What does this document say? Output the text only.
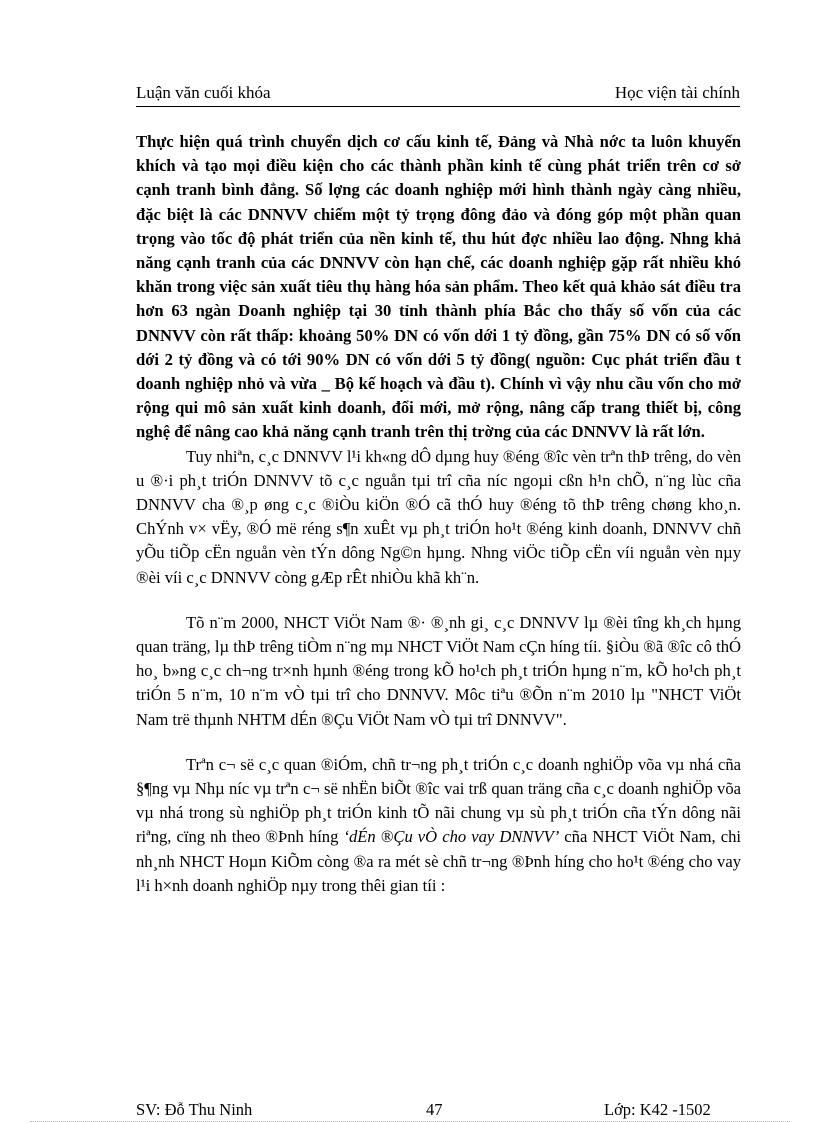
Luận văn cuối khóa	Học viện tài chính

Thực hiện quá trình chuyển dịch cơ cấu kinh tế, Đảng và Nhà nớc ta luôn khuyến khích và tạo mọi điều kiện cho các thành phần kinh tế cùng phát triển trên cơ sở cạnh tranh bình đẳng. Số lợng các doanh nghiệp mới hình thành ngày càng nhiều, đặc biệt là các DNNVV chiếm một tỷ trọng đông đảo và đóng góp một phần quan trọng vào tốc độ phát triển của nền kinh tế, thu hút đợc nhiều lao động. Nhng khả năng cạnh tranh của các DNNVV còn hạn chế, các doanh nghiệp gặp rất nhiều khó khăn trong việc sản xuất tiêu thụ hàng hóa sản phẩm. Theo kết quả khảo sát điều tra hơn 63 ngàn Doanh nghiệp tại 30 tỉnh thành phía Bắc cho thấy số vốn của các DNNVV còn rất thấp: khoảng 50% DN có vốn dới 1 tỷ đồng, gần 75% DN có số vốn dới 2 tỷ đồng và có tới 90% DN có vốn dới 5 tỷ đồng( nguồn: Cục phát triển đầu t doanh nghiệp nhỏ và vừa _ Bộ kế hoạch và đầu t). Chính vì vậy nhu cầu vốn cho mở rộng qui mô sản xuất kinh doanh, đổi mới, mở rộng, nâng cấp trang thiết bị, công nghệ để nâng cao khả năng cạnh tranh trên thị trờng của các DNNVV là rất lớn.

Tuy nhiªn, c¸c DNNVV l¹i kh«ng dÔ dµng huy ®éng ®îc vèn trªn thÞ trêng, do vèn u ®·i ph¸t triÓn DNNVV tõ c¸c nguån tµi trî cña níc ngoµi cßn h¹n chÕ, n¨ng lùc cña DNNVV cha ®¸p øng c¸c ®iÒu kiÖn ®Ó cã thÓ huy ®éng tõ thÞ trêng chøng kho¸n. ChÝnh v× vËy, ®Ó më réng s¶n xuÊt vµ ph¸t triÓn ho¹t ®éng kinh doanh, DNNVV chñ yÕu tiÕp cËn nguån vèn tÝn dông Ng©n hµng. Nhng viÖc tiÕp cËn víi nguån vèn nµy ®èi víi c¸c DNNVV còng gÆp rÊt nhiÒu khã kh¨n.

Tõ n¨m 2000, NHCT ViÖt Nam ®· ®¸nh gi¸ c¸c DNNVV lµ ®èi tîng kh¸ch hµng quan träng, lµ thÞ trêng tiÒm n¨ng mµ NHCT ViÖt Nam cÇn híng tíi. §iÒu ®ã ®îc cô thÓ ho¸ b»ng c¸c ch¬ng tr×nh hµnh ®éng trong kÕ ho¹ch ph¸t triÓn hµng n¨m, kÕ ho¹ch ph¸t triÓn 5 n¨m, 10 n¨m vÒ tµi trî cho DNNVV. Môc tiªu ®Õn n¨m 2010 lµ "NHCT ViÖt Nam trë thµnh NHTM dÉn ®Çu ViÖt Nam vÒ tµi trî DNNVV".

Trªn c¬ së c¸c quan ®iÓm, chñ tr¬ng ph¸t triÓn c¸c doanh nghiÖp võa vµ nhá cña §¶ng vµ Nhµ níc vµ trªn c¬ së nhËn biÕt ®îc vai trß quan träng cña c¸c doanh nghiÖp võa vµ nhá trong sù nghiÖp ph¸t triÓn kinh tÕ nãi chung vµ sù ph¸t triÓn cña tÝn dông nãi riªng, cïng nh theo ®Þnh híng ‘dÉn ®Çu vÒ cho vay DNNVV’ cña NHCT ViÖt Nam, chi nh¸nh NHCT Hoµn KiÕm còng ®a ra mét sè chñ tr¬ng ®Þnh híng cho ho¹t ®éng cho vay l¹i h×nh doanh nghiÖp nµy trong thêi gian tíi :

SV: Đỗ Thu Ninh	47	Lớp: K42 -1502
